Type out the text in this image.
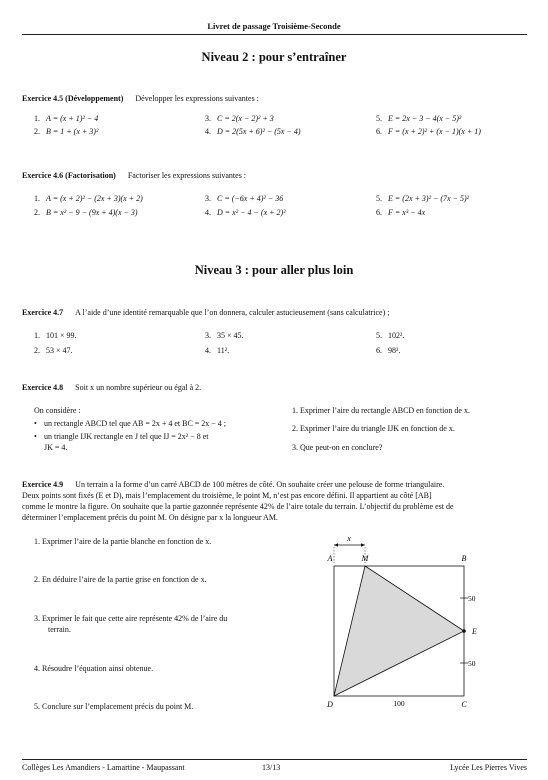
Livret de passage Troisième-Seconde
Niveau 2 : pour s’entraîner
Exercice 4.5 (Développement) Développer les expressions suivantes :
1. A = (x + 1)² − 4
2. B = 1 + (x + 3)²
3. C = 2(x − 2)² + 3
4. D = 2(5x + 6)² − (5x − 4)
5. E = 2x − 3 − 4(x − 5)²
6. F = (x + 2)² + (x − 1)(x + 1)
Exercice 4.6 (Factorisation) Factoriser les expressions suivantes :
1. A = (x + 2)² − (2x + 3)(x + 2)
2. B = x² − 9 − (9x + 4)(x − 3)
3. C = (−6x + 4)² − 36
4. D = x² − 4 − (x + 2)²
5. E = (2x + 3)² − (7x − 5)²
6. F = x³ − 4x
Niveau 3 : pour aller plus loin
Exercice 4.7 A l’aide d’une identité remarquable que l’on donnera, calculer astucieusement (sans calculatrice) ;
1. 101 × 99.
2. 53 × 47.
3. 35 × 45.
4. 11².
5. 102².
6. 98².
Exercice 4.8 Soit x un nombre supérieur ou égal à 2.
On considère :
• un rectangle ABCD tel que AB = 2x + 4 et BC = 2x − 4 ;
• un triangle IJK rectangle en J tel que IJ = 2x² − 8 et
JK = 4.
1. Exprimer l’aire du rectangle ABCD en fonction de x.
2. Exprimer l’aire du triangle IJK en fonction de x.
3. Que peut-on en conclure?
Exercice 4.9 Un terrain a la forme d’un carré ABCD de 100 mètres de côté. On souhaite créer une pelouse de forme triangulaire.
Deux points sont fixés (E et D), mais l’emplacement du troisième, le point M, n’est pas encore défini. Il appartient au côté [AB]
comme le montre la figure. On souhaite que la partie gazonnée représente 42% de l’aire totale du terrain. L’objectif du problème est de
déterminer l’emplacement précis du point M. On désigne par x la longueur AM.
1. Exprimer l’aire de la partie blanche en fonction de x.
2. En déduire l’aire de la partie grise en fonction de x.
3. Exprimer le fait que cette aire représente 42% de l’aire du
terrain.
4. Résoudre l’équation ainsi obtenue.
5. Conclure sur l’emplacement précis du point M.
x
A	M	B
E
D	C
50
50
100
Collèges Les Amandiers - Lamartine - Maupassant	13/13	Lycée Les Pierres Vives
